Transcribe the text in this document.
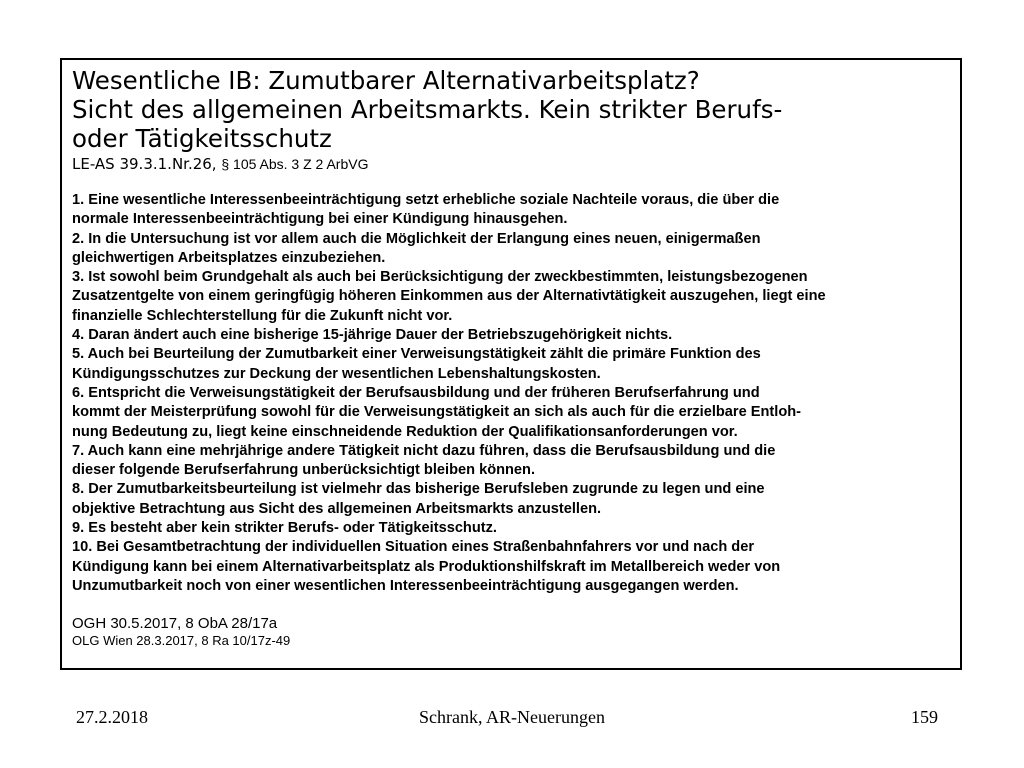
Wesentliche IB: Zumutbarer Alternativarbeitsplatz?
Sicht des allgemeinen Arbeitsmarkts. Kein strikter Berufs-
oder Tätigkeitsschutz
LE-AS 39.3.1.Nr.26, § 105 Abs. 3 Z 2 ArbVG
1. Eine wesentliche Interessenbeeinträchtigung setzt erhebliche soziale Nachteile voraus, die über die
normale Interessenbeeinträchtigung bei einer Kündigung hinausgehen.
2. In die Untersuchung ist vor allem auch die Möglichkeit der Erlangung eines neuen, einigermaßen
gleichwertigen Arbeitsplatzes einzubeziehen.
3. Ist sowohl beim Grundgehalt als auch bei Berücksichtigung der zweckbestimmten, leistungsbezogenen
Zusatzentgelte von einem geringfügig höheren Einkommen aus der Alternativtätigkeit auszugehen, liegt eine
finanzielle Schlechterstellung für die Zukunft nicht vor.
4. Daran ändert auch eine bisherige 15-jährige Dauer der Betriebszugehörigkeit nichts.
5. Auch bei Beurteilung der Zumutbarkeit einer Verweisungstätigkeit zählt die primäre Funktion des
Kündigungsschutzes zur Deckung der wesentlichen Lebenshaltungskosten.
6. Entspricht die Verweisungstätigkeit der Berufsausbildung und der früheren Berufserfahrung und
kommt der Meisterprüfung sowohl für die Verweisungstätigkeit an sich als auch für die erzielbare Entloh-
nung Bedeutung zu, liegt keine einschneidende Reduktion der Qualifikationsanforderungen vor.
7. Auch kann eine mehrjährige andere Tätigkeit nicht dazu führen, dass die Berufsausbildung und die
dieser folgende Berufserfahrung unberücksichtigt bleiben können.
8. Der Zumutbarkeitsbeurteilung ist vielmehr das bisherige Berufsleben zugrunde zu legen und eine
objektive Betrachtung aus Sicht des allgemeinen Arbeitsmarkts anzustellen.
9. Es besteht aber kein strikter Berufs- oder Tätigkeitsschutz.
10. Bei Gesamtbetrachtung der individuellen Situation eines Straßenbahnfahrers vor und nach der
Kündigung kann bei einem Alternativarbeitsplatz als Produktionshilfskraft im Metallbereich weder von
Unzumutbarkeit noch von einer wesentlichen Interessenbeeinträchtigung ausgegangen werden.
OGH 30.5.2017, 8 ObA 28/17a
OLG Wien 28.3.2017, 8 Ra 10/17z-49
27.2.2018	Schrank, AR-Neuerungen	159
